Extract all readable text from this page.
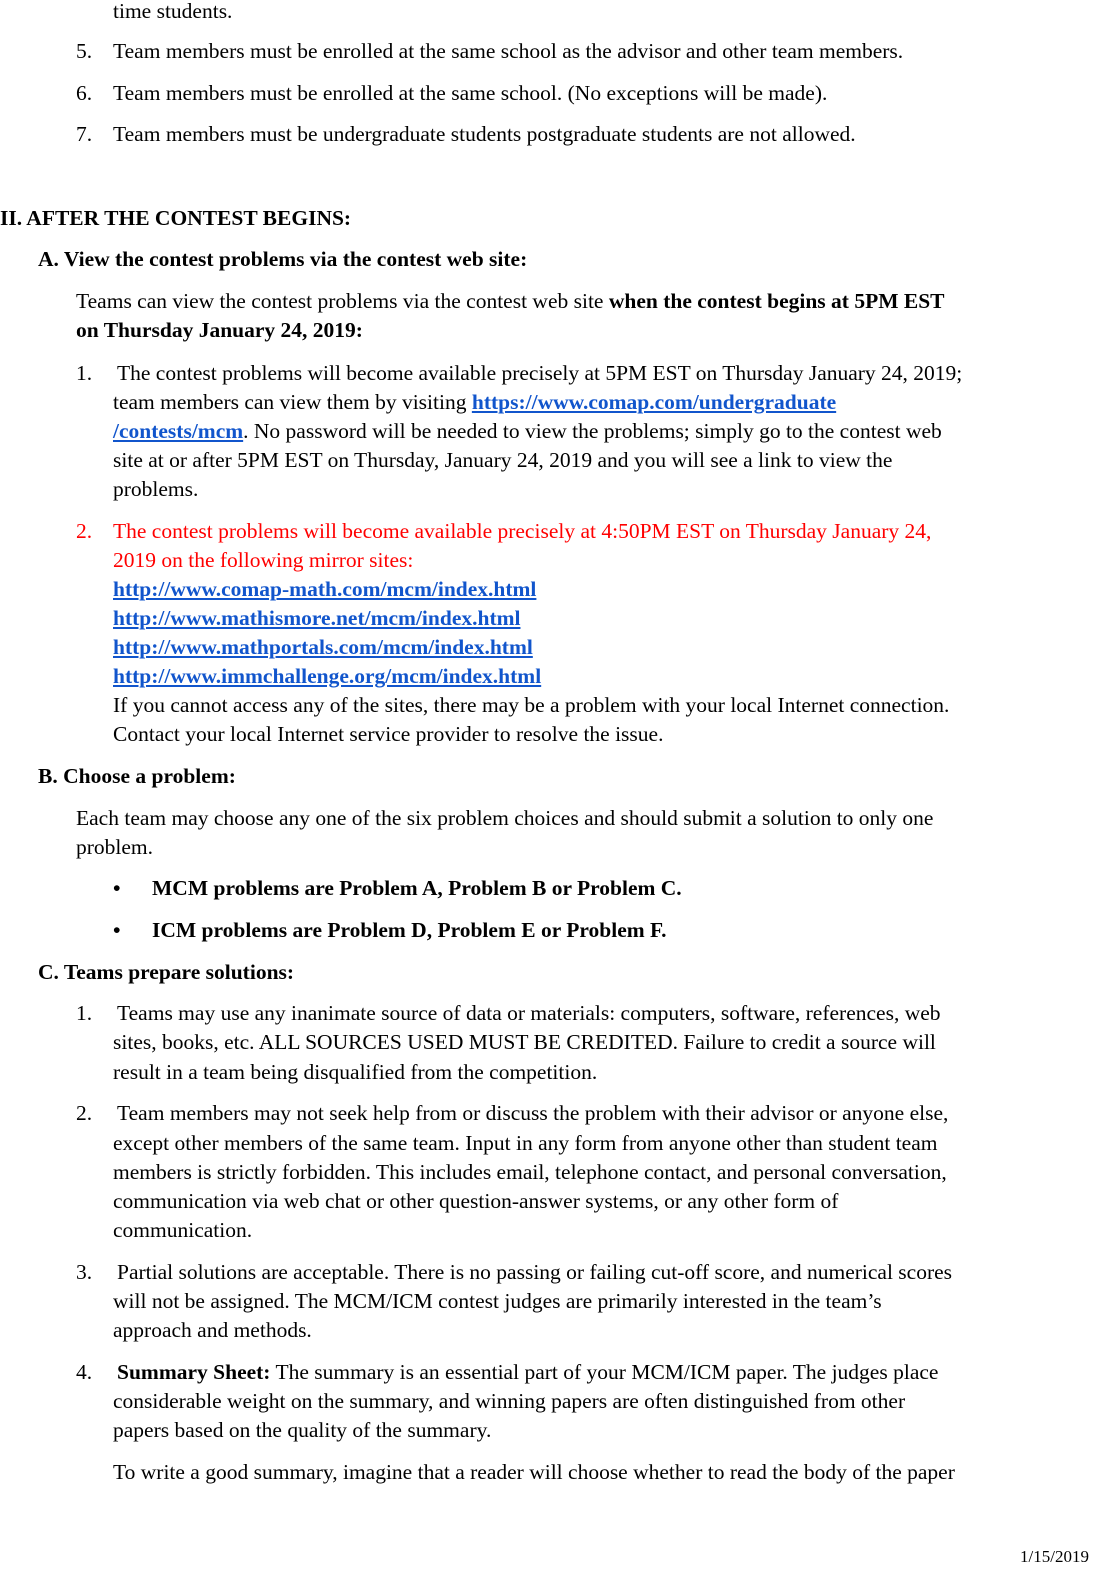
time students.
5. Team members must be enrolled at the same school as the advisor and other team members.
6. Team members must be enrolled at the same school. (No exceptions will be made).
7. Team members must be undergraduate students postgraduate students are not allowed.
II. AFTER THE CONTEST BEGINS:
A. View the contest problems via the contest web site:
Teams can view the contest problems via the contest web site when the contest begins at 5PM EST
on Thursday January 24, 2019:
1. The contest problems will become available precisely at 5PM EST on Thursday January 24, 2019;
team members can view them by visiting https://www.comap.com/undergraduate
/contests/mcm. No password will be needed to view the problems; simply go to the contest web
site at or after 5PM EST on Thursday, January 24, 2019 and you will see a link to view the
problems.
2. The contest problems will become available precisely at 4:50PM EST on Thursday January 24,
2019 on the following mirror sites:
http://www.comap-math.com/mcm/index.html
http://www.mathismore.net/mcm/index.html
http://www.mathportals.com/mcm/index.html
http://www.immchallenge.org/mcm/index.html
If you cannot access any of the sites, there may be a problem with your local Internet connection.
Contact your local Internet service provider to resolve the issue.
B. Choose a problem:
Each team may choose any one of the six problem choices and should submit a solution to only one
problem.
• MCM problems are Problem A, Problem B or Problem C.
• ICM problems are Problem D, Problem E or Problem F.
C. Teams prepare solutions:
1. Teams may use any inanimate source of data or materials: computers, software, references, web
sites, books, etc. ALL SOURCES USED MUST BE CREDITED. Failure to credit a source will
result in a team being disqualified from the competition.
2. Team members may not seek help from or discuss the problem with their advisor or anyone else,
except other members of the same team. Input in any form from anyone other than student team
members is strictly forbidden. This includes email, telephone contact, and personal conversation,
communication via web chat or other question-answer systems, or any other form of
communication.
3. Partial solutions are acceptable. There is no passing or failing cut-off score, and numerical scores
will not be assigned. The MCM/ICM contest judges are primarily interested in the team’s
approach and methods.
4. Summary Sheet: The summary is an essential part of your MCM/ICM paper. The judges place
considerable weight on the summary, and winning papers are often distinguished from other
papers based on the quality of the summary.
To write a good summary, imagine that a reader will choose whether to read the body of the paper
1/15/2019
